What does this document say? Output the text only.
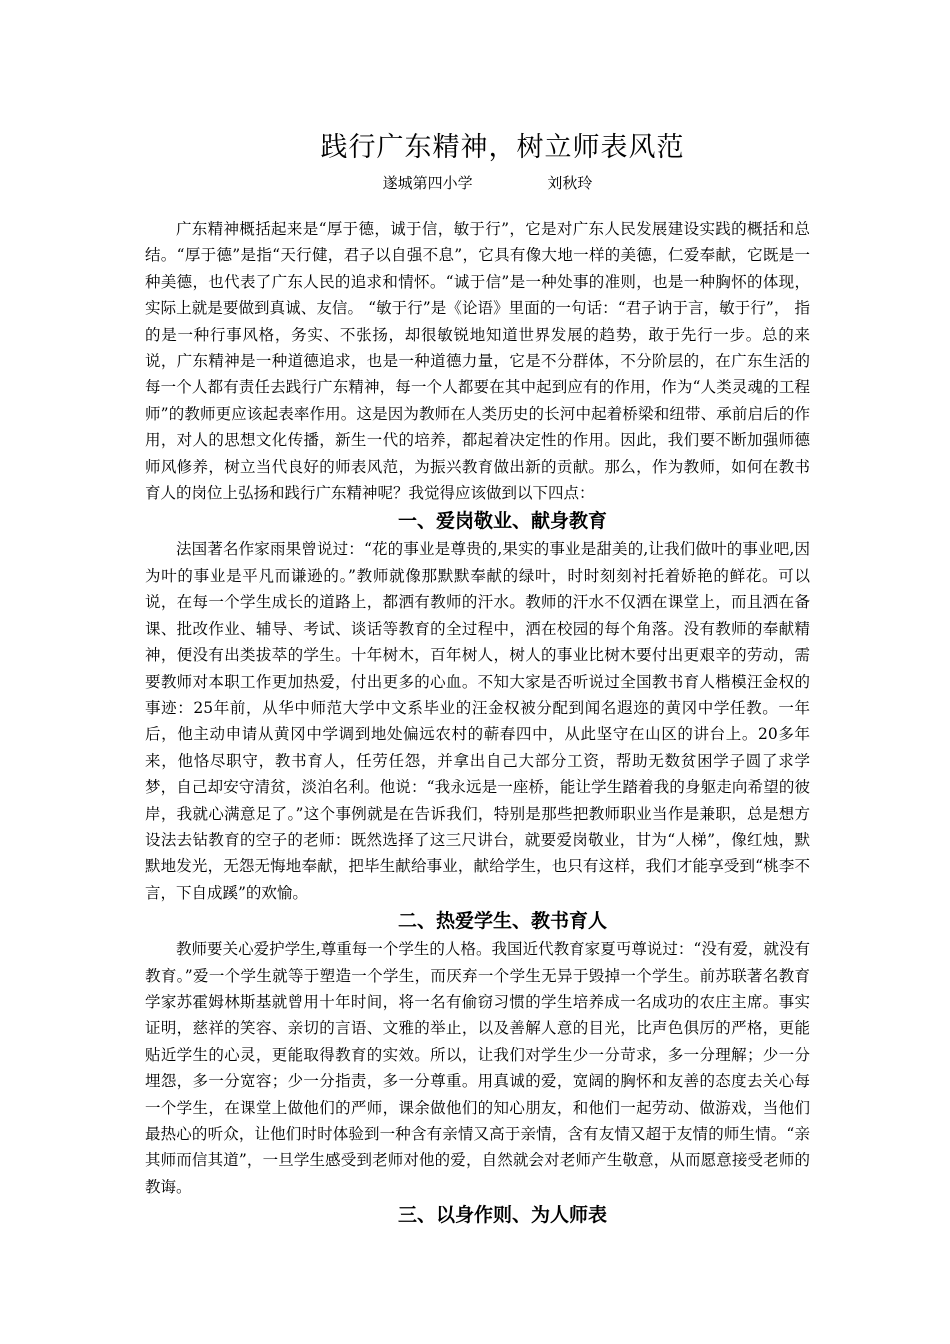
践行广东精神，树立师表风范
遂城第四小学	刘秋玲

广东精神概括起来是“厚于德，诚于信，敏于行”，它是对广东人民发展建设实践的概括和总结。“厚于德”是指“天行健，君子以自强不息”，它具有像大地一样的美德，仁爱奉献，它既是一种美德，也代表了广东人民的追求和情怀。“诚于信”是一种处事的准则，也是一种胸怀的体现，实际上就是要做到真诚、友信。 “敏于行”是《论语》里面的一句话：“君子讷于言，敏于行”， 指的是一种行事风格，务实、不张扬，却很敏锐地知道世界发展的趋势，敢于先行一步。总的来说，广东精神是一种道德追求，也是一种道德力量，它是不分群体，不分阶层的，在广东生活的每一个人都有责任去践行广东精神，每一个人都要在其中起到应有的作用，作为“人类灵魂的工程师”的教师更应该起表率作用。这是因为教师在人类历史的长河中起着桥梁和纽带、承前启后的作用，对人的思想文化传播，新生一代的培养，都起着决定性的作用。因此，我们要不断加强师德师风修养，树立当代良好的师表风范，为振兴教育做出新的贡献。那么，作为教师，如何在教书育人的岗位上弘扬和践行广东精神呢？我觉得应该做到以下四点：

一、爱岗敬业、献身教育

法国著名作家雨果曾说过：“花的事业是尊贵的,果实的事业是甜美的,让我们做叶的事业吧,因为叶的事业是平凡而谦逊的。”教师就像那默默奉献的绿叶，时时刻刻衬托着娇艳的鲜花。可以说，在每一个学生成长的道路上，都洒有教师的汗水。教师的汗水不仅洒在课堂上，而且洒在备课、批改作业、辅导、考试、谈话等教育的全过程中，洒在校园的每个角落。没有教师的奉献精神，便没有出类拔萃的学生。十年树木，百年树人，树人的事业比树木要付出更艰辛的劳动，需要教师对本职工作更加热爱，付出更多的心血。不知大家是否听说过全国教书育人楷模汪金权的事迹：25年前，从华中师范大学中文系毕业的汪金权被分配到闻名遐迩的黄冈中学任教。一年后，他主动申请从黄冈中学调到地处偏远农村的蕲春四中，从此坚守在山区的讲台上。20多年来，他恪尽职守，教书育人，任劳任怨，并拿出自己大部分工资，帮助无数贫困学子圆了求学梦，自己却安守清贫，淡泊名利。他说：“我永远是一座桥，能让学生踏着我的身躯走向希望的彼岸，我就心满意足了。”这个事例就是在告诉我们，特别是那些把教师职业当作是兼职，总是想方设法去钻教育的空子的老师：既然选择了这三尺讲台，就要爱岗敬业，甘为“人梯”，像红烛，默默地发光，无怨无悔地奉献，把毕生献给事业，献给学生，也只有这样，我们才能享受到“桃李不言，下自成蹊”的欢愉。

二、热爱学生、教书育人

教师要关心爱护学生,尊重每一个学生的人格。我国近代教育家夏丏尊说过：“没有爱，就没有教育。”爱一个学生就等于塑造一个学生，而厌弃一个学生无异于毁掉一个学生。前苏联著名教育学家苏霍姆林斯基就曾用十年时间，将一名有偷窃习惯的学生培养成一名成功的农庄主席。事实证明，慈祥的笑容、亲切的言语、文雅的举止，以及善解人意的目光，比声色俱厉的严格，更能贴近学生的心灵，更能取得教育的实效。所以，让我们对学生少一分苛求，多一分理解；少一分埋怨，多一分宽容；少一分指责，多一分尊重。用真诚的爱，宽阔的胸怀和友善的态度去关心每一个学生，在课堂上做他们的严师，课余做他们的知心朋友，和他们一起劳动、做游戏，当他们最热心的听众，让他们时时体验到一种含有亲情又高于亲情，含有友情又超于友情的师生情。“亲其师而信其道”，一旦学生感受到老师对他的爱，自然就会对老师产生敬意，从而愿意接受老师的教诲。

三、以身作则、为人师表
